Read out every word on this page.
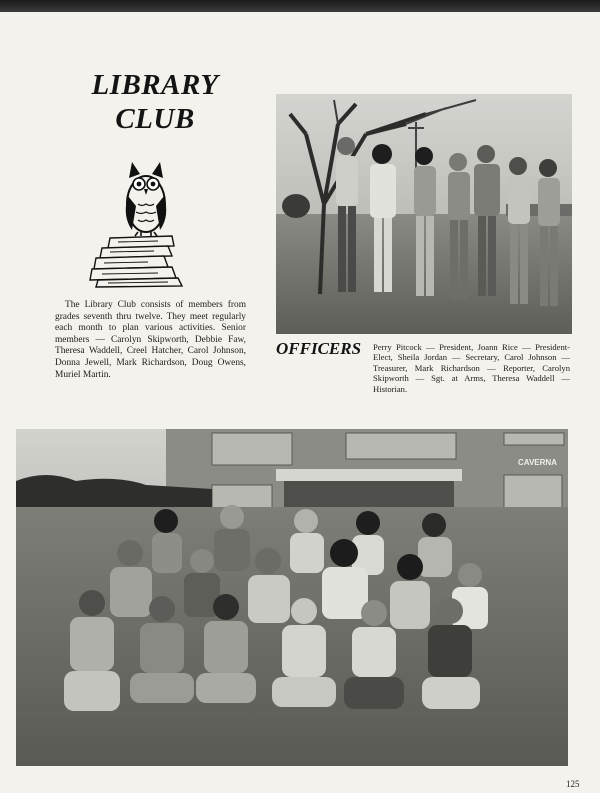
LIBRARY
CLUB
The Library Club consists of members from grades seventh thru twelve. They meet regularly each month to plan various activities. Senior members — Carolyn Skipworth, Debbie Faw, Theresa Waddell, Creel Hatcher, Carol Johnson, Donna Jewell, Mark Richardson, Doug Owens, Muriel Martin.
OFFICERS Perry Pitcock — President, Joann Rice — President-Elect, Sheila Jordan — Secretary, Carol Johnson — Treasurer, Mark Richardson — Reporter, Carolyn Skipworth — Sgt. at Arms, Theresa Waddell — Historian.
CAVERNA
125
